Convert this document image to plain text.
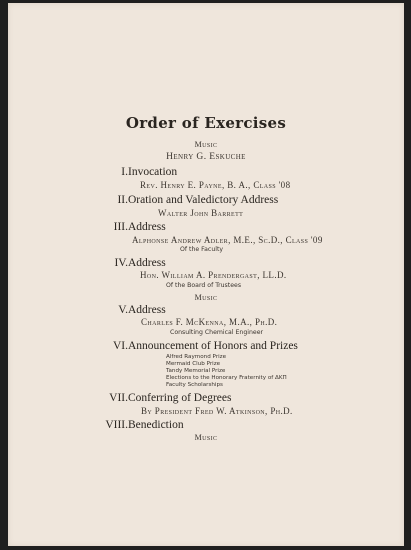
Order of Exercises
Music
Henry G. Eskuche
I. Invocation
Rev. Henry E. Payne, B. A., Class '08
II. Oration and Valedictory Address
Walter John Barrett
III. Address
Alphonse Andrew Adler, M.E., Sc.D., Class '09
Of the Faculty
IV. Address
Hon. William A. Prendergast, LL.D.
Of the Board of Trustees
Music
V. Address
Charles F. McKenna, M.A., Ph.D.
Consulting Chemical Engineer
VI. Announcement of Honors and Prizes
Alfred Raymond Prize
Mermaid Club Prize
Tandy Memorial Prize
Elections to the Honorary Fraternity of ΔΚΠ
Faculty Scholarships
VII. Conferring of Degrees
By President Fred W. Atkinson, Ph.D.
VIII. Benediction
Music
